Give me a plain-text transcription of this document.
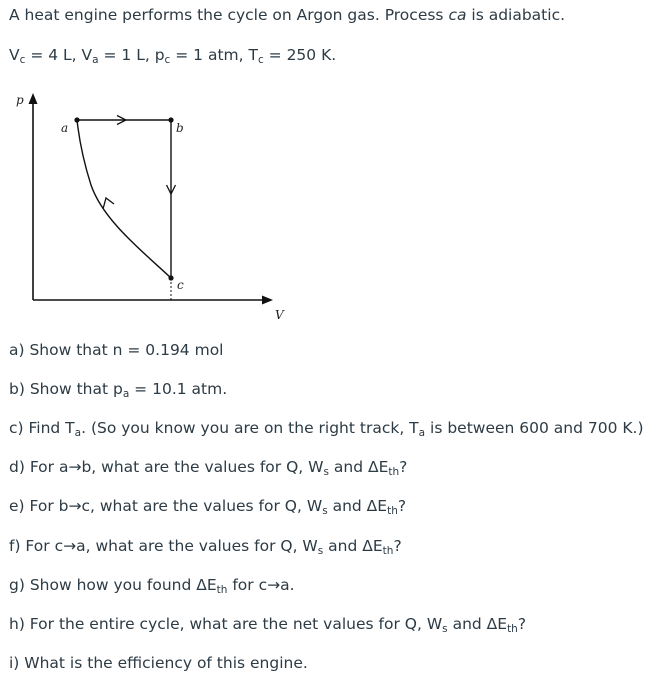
A heat engine performs the cycle on Argon gas. Process ca is adiabatic.
$V_c = 4$ L, $V_a = 1$ L, $p_c = 1$ atm, $T_c = 250$ K.
p
V
a	b
c
a) Show that n = 0.194 mol
b) Show that $p_a = 10.1$ atm.
c) Find $T_a$. (So you know you are on the right track, $T_a$ is between 600 and 700 K.)
d) For a→b, what are the values for Q, $W_s$ and $\Delta E_{th}$?
e) For b→c, what are the values for Q, $W_s$ and $\Delta E_{th}$?
f) For c→a, what are the values for Q, $W_s$ and $\Delta E_{th}$?
g) Show how you found $\Delta E_{th}$ for c→a.
h) For the entire cycle, what are the net values for Q, $W_s$ and $\Delta E_{th}$?
i) What is the efficiency of this engine.
